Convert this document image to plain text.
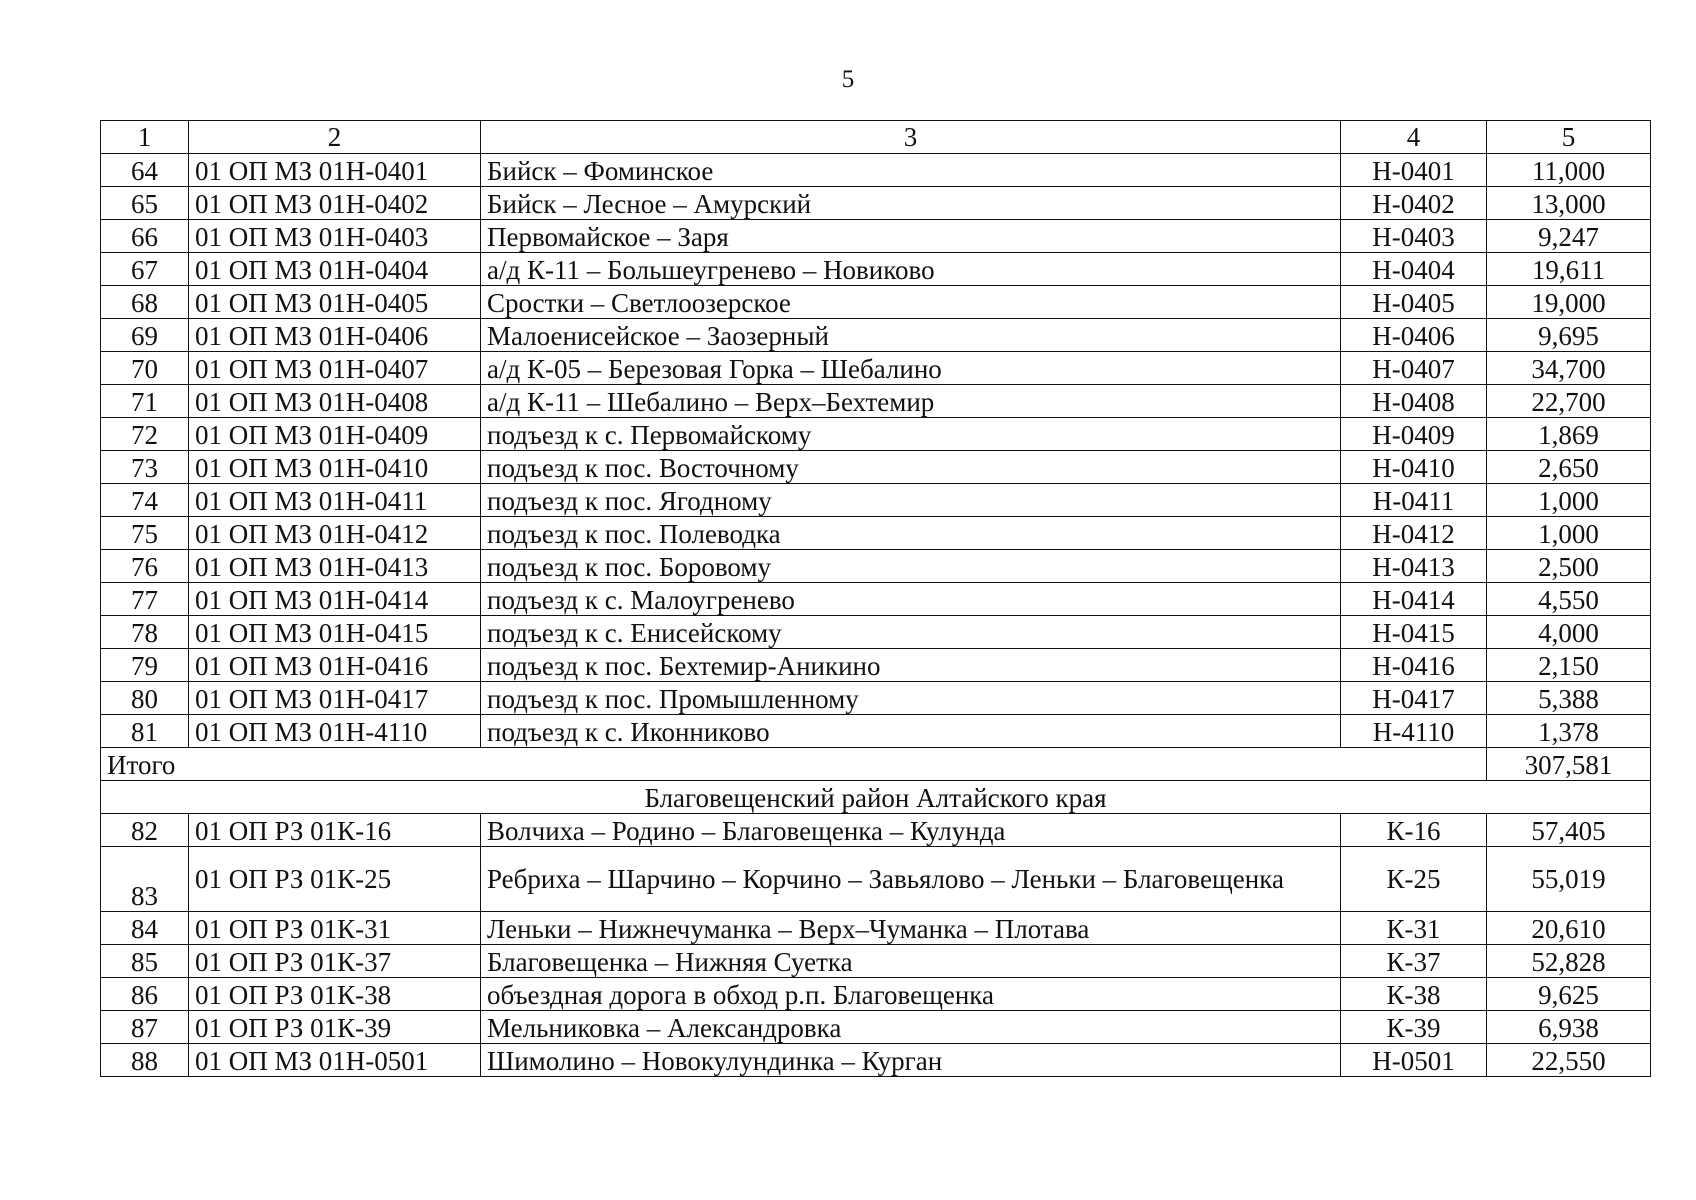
5
1	2	3	4	5
64	01 ОП МЗ 01Н-0401	Бийск – Фоминское	Н-0401	11,000
65	01 ОП МЗ 01Н-0402	Бийск – Лесное – Амурский	Н-0402	13,000
66	01 ОП МЗ 01Н-0403	Первомайское – Заря	Н-0403	9,247
67	01 ОП МЗ 01Н-0404	а/д К-11 – Большеугренево – Новиково	Н-0404	19,611
68	01 ОП МЗ 01Н-0405	Сростки – Светлоозерское	Н-0405	19,000
69	01 ОП МЗ 01Н-0406	Малоенисейское – Заозерный	Н-0406	9,695
70	01 ОП МЗ 01Н-0407	а/д К-05 – Березовая Горка – Шебалино	Н-0407	34,700
71	01 ОП МЗ 01Н-0408	а/д К-11 – Шебалино – Верх–Бехтемир	Н-0408	22,700
72	01 ОП МЗ 01Н-0409	подъезд к с. Первомайскому	Н-0409	1,869
73	01 ОП МЗ 01Н-0410	подъезд к пос. Восточному	Н-0410	2,650
74	01 ОП МЗ 01Н-0411	подъезд к пос. Ягодному	Н-0411	1,000
75	01 ОП МЗ 01Н-0412	подъезд к пос. Полеводка	Н-0412	1,000
76	01 ОП МЗ 01Н-0413	подъезд к пос. Боровому	Н-0413	2,500
77	01 ОП МЗ 01Н-0414	подъезд к с. Малоугренево	Н-0414	4,550
78	01 ОП МЗ 01Н-0415	подъезд к с. Енисейскому	Н-0415	4,000
79	01 ОП МЗ 01Н-0416	подъезд к пос. Бехтемир-Аникино	Н-0416	2,150
80	01 ОП МЗ 01Н-0417	подъезд к пос. Промышленному	Н-0417	5,388
81	01 ОП МЗ 01Н-4110	подъезд к с. Иконниково	Н-4110	1,378
Итого				307,581
Благовещенский район Алтайского края				
82	01 ОП РЗ 01К-16	Волчиха – Родино – Благовещенка – Кулунда	К-16	57,405
83	01 ОП РЗ 01К-25	Ребриха – Шарчино – Корчино – Завьялово – Леньки – Благовещенка	К-25	55,019
84	01 ОП РЗ 01К-31	Леньки – Нижнечуманка – Верх–Чуманка – Плотава	К-31	20,610
85	01 ОП РЗ 01К-37	Благовещенка – Нижняя Суетка	К-37	52,828
86	01 ОП РЗ 01К-38	объездная дорога в обход р.п. Благовещенка	К-38	9,625
87	01 ОП РЗ 01К-39	Мельниковка – Александровка	К-39	6,938
88	01 ОП МЗ 01Н-0501	Шимолино – Новокулундинка – Курган	Н-0501	22,550
